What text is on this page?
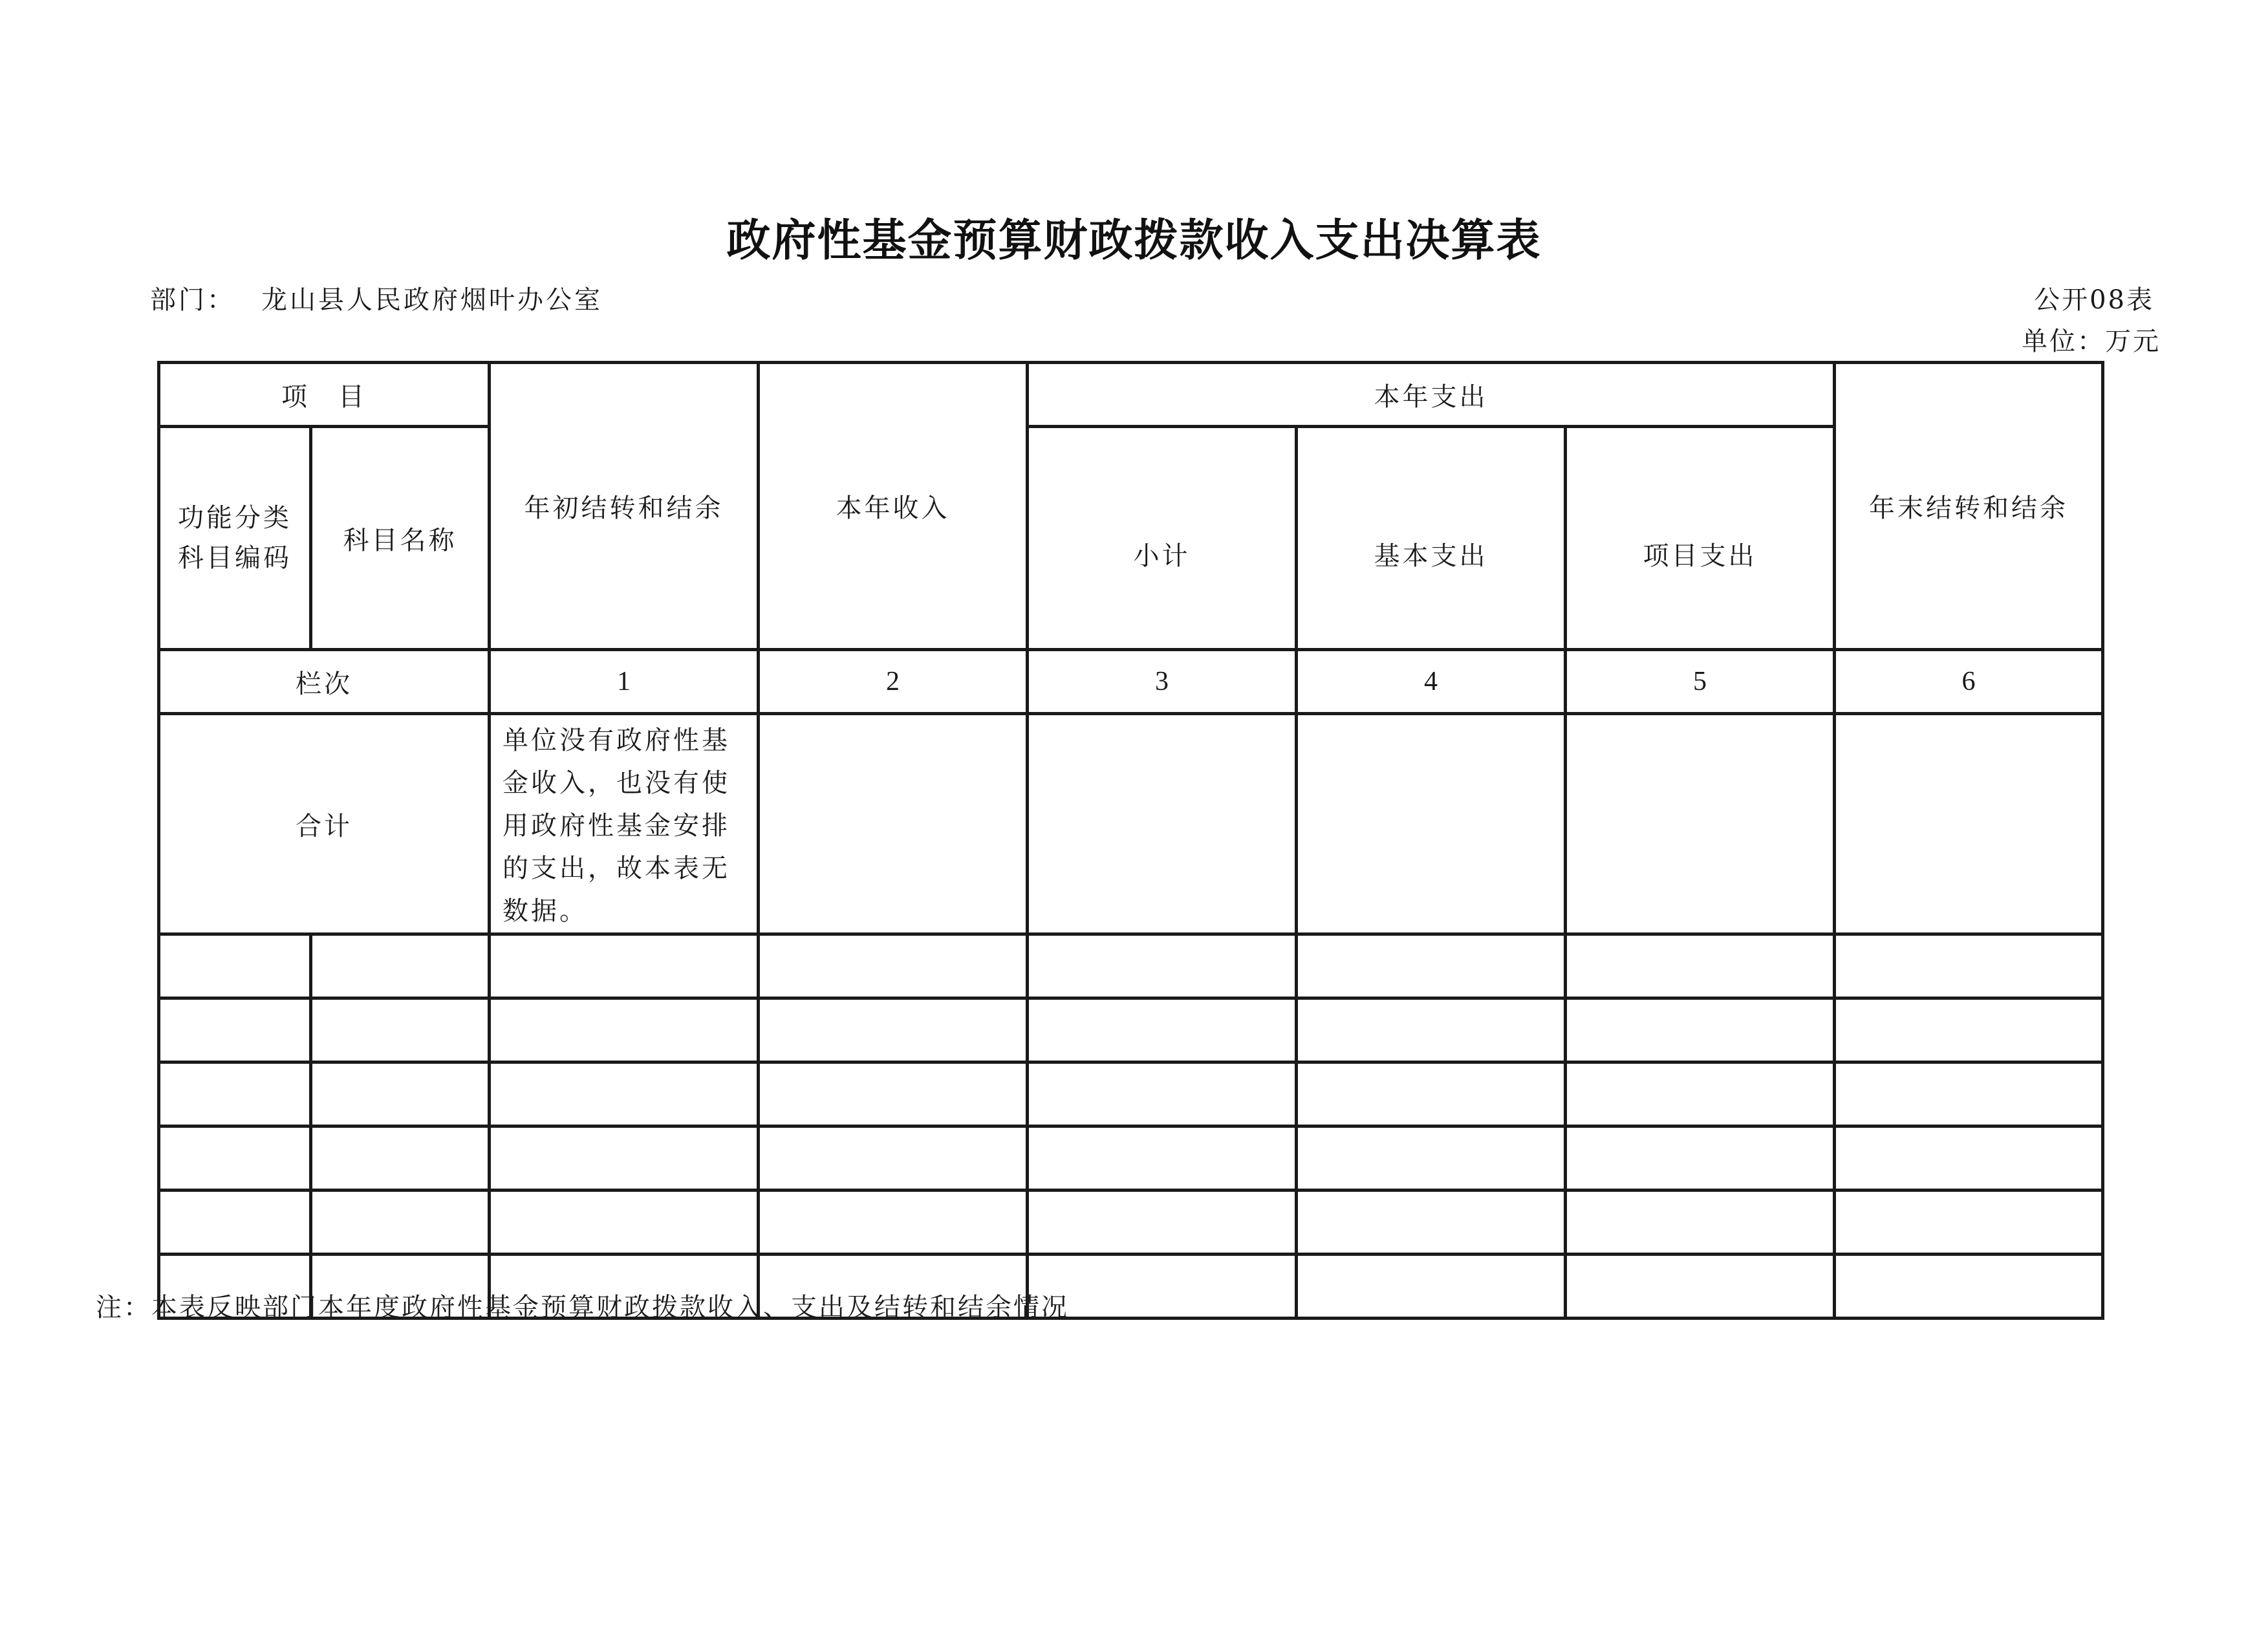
政府性基金预算财政拨款收入支出决算表
部门： 龙山县人民政府烟叶办公室	公开08表
单位：万元
项　目		年初结转和结余	本年收入	本年支出			年末结转和结余
功能分类科目编码	科目名称			小计	基本支出	项目支出	
栏次		1	2	3	4	5	6
合计		单位没有政府性基金收入，也没有使用政府性基金安排的支出，故本表无数据。					

注：本表反映部门本年度政府性基金预算财政拨款收入、支出及结转和结余情况
